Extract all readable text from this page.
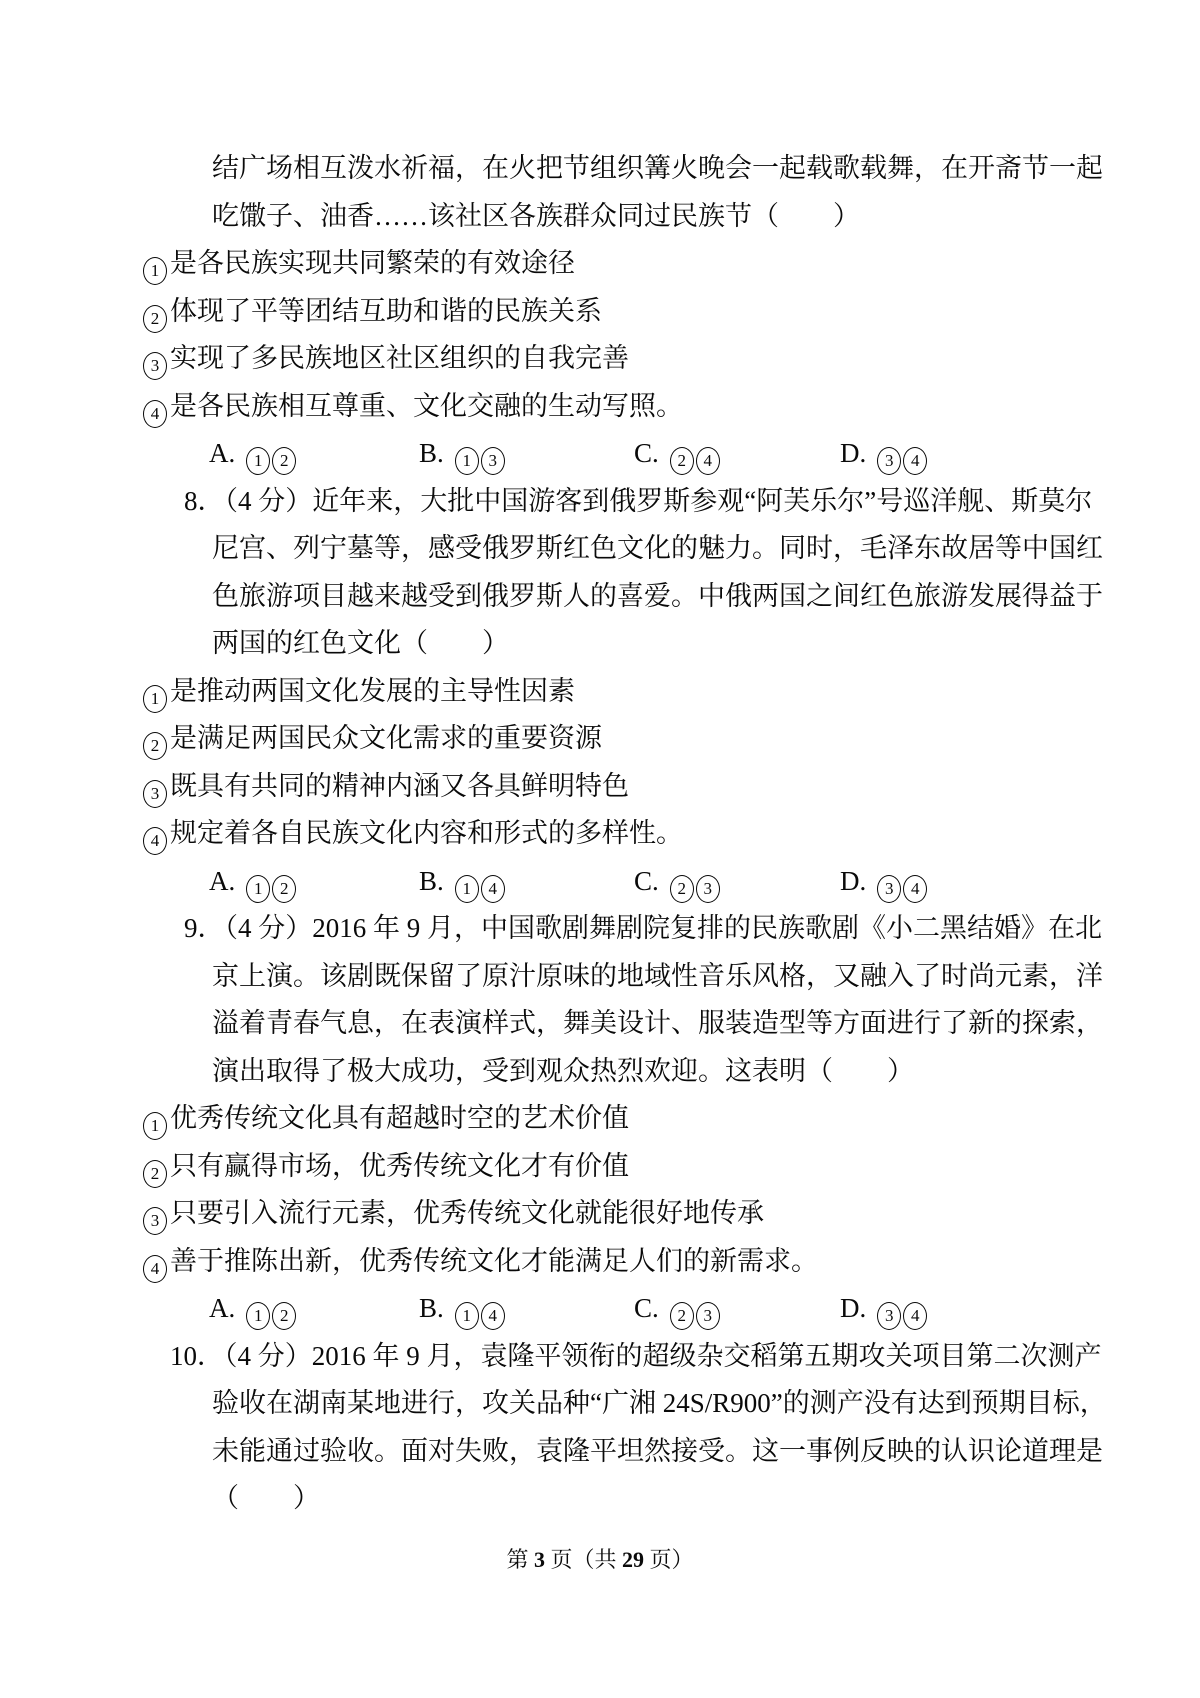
结广场相互泼水祈福，在火把节组织篝火晚会一起载歌载舞，在开斋节一起
吃馓子、油香……该社区各族群众同过民族节（　　）
1 是各民族实现共同繁荣的有效途径
2 体现了平等团结互助和谐的民族关系
3 实现了多民族地区社区组织的自我完善
4 是各民族相互尊重、文化交融的生动写照。
A. 1 2	B. 1 3	C. 2 4	D. 3 4
8．（4 分）近年来，大批中国游客到俄罗斯参观“阿芙乐尔”号巡洋舰、斯莫尔
尼宫、列宁墓等，感受俄罗斯红色文化的魅力。同时，毛泽东故居等中国红
色旅游项目越来越受到俄罗斯人的喜爱。中俄两国之间红色旅游发展得益于
两国的红色文化（　　）
1 是推动两国文化发展的主导性因素
2 是满足两国民众文化需求的重要资源
3 既具有共同的精神内涵又各具鲜明特色
4 规定着各自民族文化内容和形式的多样性。
A. 1 2	B. 1 4	C. 2 3	D. 3 4
9．（4 分）2016 年 9 月，中国歌剧舞剧院复排的民族歌剧《小二黑结婚》在北
京上演。该剧既保留了原汁原味的地域性音乐风格，又融入了时尚元素，洋
溢着青春气息，在表演样式，舞美设计、服装造型等方面进行了新的探索，
演出取得了极大成功，受到观众热烈欢迎。这表明（　　）
1 优秀传统文化具有超越时空的艺术价值
2 只有赢得市场，优秀传统文化才有价值
3 只要引入流行元素，优秀传统文化就能很好地传承
4 善于推陈出新，优秀传统文化才能满足人们的新需求。
A. 1 2	B. 1 4	C. 2 3	D. 3 4
10．（4 分）2016 年 9 月，袁隆平领衔的超级杂交稻第五期攻关项目第二次测产
验收在湖南某地进行，攻关品种“广湘 24S/R900”的测产没有达到预期目标，
未能通过验收。面对失败，袁隆平坦然接受。这一事例反映的认识论道理是
（　　）
第 3 页（共 29 页）
